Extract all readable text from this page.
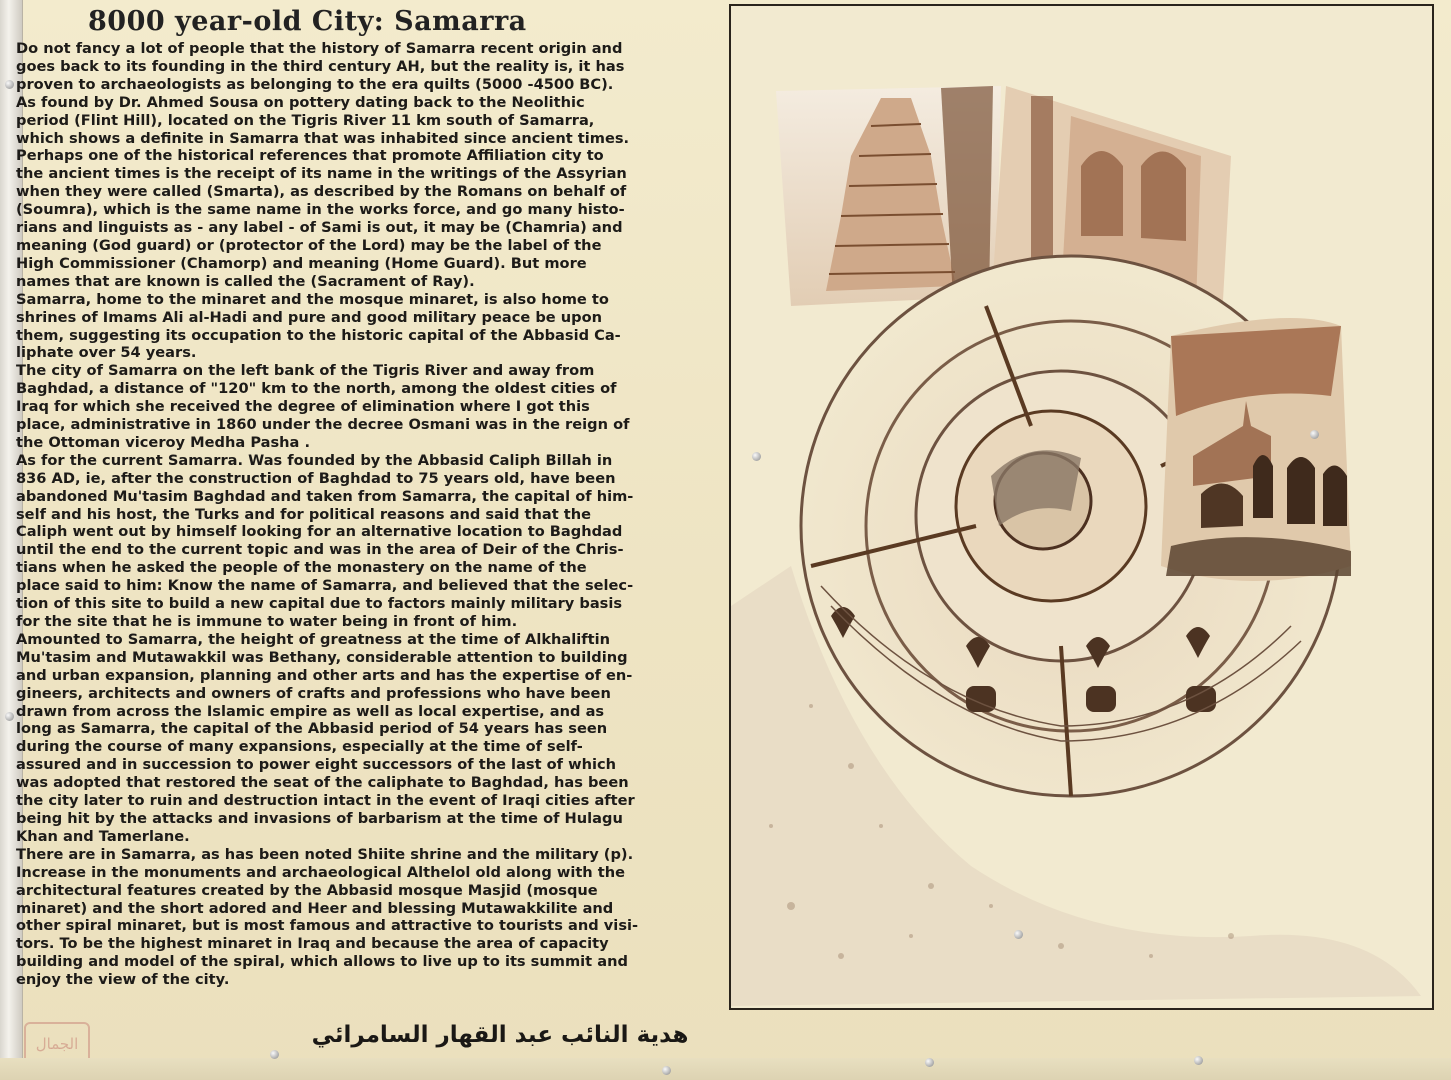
8000 year-old City: Samarra

Do not fancy a lot of people that the history of Samarra recent origin and
goes back to its founding in the third century AH, but the reality is, it has
proven to archaeologists as belonging to the era quilts (5000 -4500 BC).
As found by Dr. Ahmed Sousa on pottery dating back to the Neolithic
period (Flint Hill), located on the Tigris River 11 km south of Samarra,
which shows a definite in Samarra that was inhabited since ancient times.
Perhaps one of the historical references that promote Affiliation city to
the ancient times is the receipt of its name in the writings of the Assyrian
when they were called (Smarta), as described by the Romans on behalf of
(Soumra), which is the same name in the works force, and go many histo-
rians and linguists as - any label - of Sami is out, it may be (Chamria) and
meaning (God guard) or (protector of the Lord) may be the label of the
High Commissioner (Chamorp) and meaning (Home Guard). But more
names that are known is called the (Sacrament of Ray).

Samarra, home to the minaret and the mosque minaret, is also home to
shrines of Imams Ali al-Hadi and pure and good military peace be upon
them, suggesting its occupation to the historic capital of the Abbasid Ca-
liphate over 54 years.

The city of Samarra on the left bank of the Tigris River and away from
Baghdad, a distance of "120" km to the north, among the oldest cities of
Iraq for which she received the degree of elimination where I got this
place, administrative in 1860 under the decree Osmani was in the reign of
the Ottoman viceroy Medha Pasha .

As for the current Samarra. Was founded by the Abbasid Caliph Billah in
836 AD, ie, after the construction of Baghdad to 75 years old, have been
abandoned Mu'tasim Baghdad and taken from Samarra, the capital of him-
self and his host, the Turks and for political reasons and said that the
Caliph went out by himself looking for an alternative location to Baghdad
until the end to the current topic and was in the area of Deir of the Chris-
tians when he asked the people of the monastery on the name of the
place said to him: Know the name of Samarra, and believed that the selec-
tion of this site to build a new capital due to factors mainly military basis
for the site that he is immune to water being in front of him.

Amounted to Samarra, the height of greatness at the time of Alkhaliftin
Mu'tasim and Mutawakkil was Bethany, considerable attention to building
and urban expansion, planning and other arts and has the expertise of en-
gineers, architects and owners of crafts and professions who have been
drawn from across the Islamic empire as well as local expertise, and as
long as Samarra, the capital of the Abbasid period of 54 years has seen
during the course of many expansions, especially at the time of self-
assured and in succession to power eight successors of the last of which
was adopted that restored the seat of the caliphate to Baghdad, has been
the city later to ruin and destruction intact in the event of Iraqi cities after
being hit by the attacks and invasions of barbarism at the time of Hulagu
Khan and Tamerlane.

There are in Samarra, as has been noted Shiite shrine and the military (p).
Increase in the monuments and archaeological Althelol old along with the
architectural features created by the Abbasid mosque Masjid (mosque
minaret) and the short adored and Heer and blessing Mutawakkilite and
other spiral minaret, but is most famous and attractive to tourists and visi-
tors. To be the highest minaret in Iraq and because the area of capacity
building and model of the spiral, which allows to live up to its summit and
enjoy the view of the city.

الجمال	هدية النائب عبد القهار السامرائي
